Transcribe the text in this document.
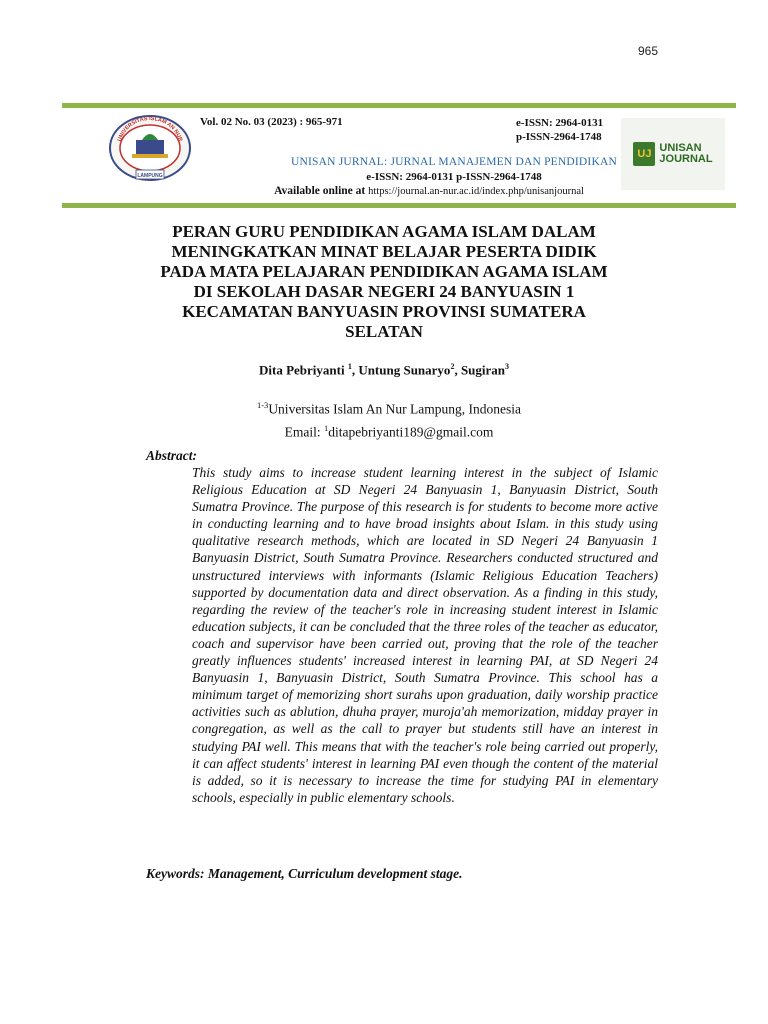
965
UNIVERSITAS ISLAM AN NUR
LAMPUNG
Vol. 02 No. 03 (2023) : 965-971	e-ISSN: 2964-0131
p-ISSN-2964-1748
UNISAN JURNAL: JURNAL MANAJEMEN DAN PENDIDIKAN
e-ISSN: 2964-0131 p-ISSN-2964-1748
Available online at https://journal.an-nur.ac.id/index.php/unisanjournal
UJ UNISAN
JOURNAL
PERAN GURU PENDIDIKAN AGAMA ISLAM DALAM
MENINGKATKAN MINAT BELAJAR PESERTA DIDIK
PADA MATA PELAJARAN PENDIDIKAN AGAMA ISLAM
DI SEKOLAH DASAR NEGERI 24 BANYUASIN 1
KECAMATAN BANYUASIN PROVINSI SUMATERA
SELATAN
Dita Pebriyanti $^1$, Untung Sunaryo$^2$, Sugiran$^3$
$^{1-3}$Universitas Islam An Nur Lampung, Indonesia
Email: $^1$ditapebriyanti189@gmail.com
Abstract:

This study aims to increase student learning interest in the subject of Islamic Religious Education at SD Negeri 24 Banyuasin 1, Banyuasin District, South Sumatra Province. The purpose of this research is for students to become more active in conducting learning and to have broad insights about Islam. in this study using qualitative research methods, which are located in SD Negeri 24 Banyuasin 1 Banyuasin District, South Sumatra Province. Researchers conducted structured and unstructured interviews with informants (Islamic Religious Education Teachers) supported by documentation data and direct observation. As a finding in this study, regarding the review of the teacher's role in increasing student interest in Islamic education subjects, it can be concluded that the three roles of the teacher as educator, coach and supervisor have been carried out, proving that the role of the teacher greatly influences students' increased interest in learning PAI, at SD Negeri 24 Banyuasin 1, Banyuasin District, South Sumatra Province. This school has a minimum target of memorizing short surahs upon graduation, daily worship practice activities such as ablution, dhuha prayer, muroja'ah memorization, midday prayer in congregation, as well as the call to prayer but students still have an interest in studying PAI well. This means that with the teacher's role being carried out properly, it can affect students' interest in learning PAI even though the content of the material is added, so it is necessary to increase the time for studying PAI in elementary schools, especially in public elementary schools.

Keywords: Management, Curriculum development stage.
